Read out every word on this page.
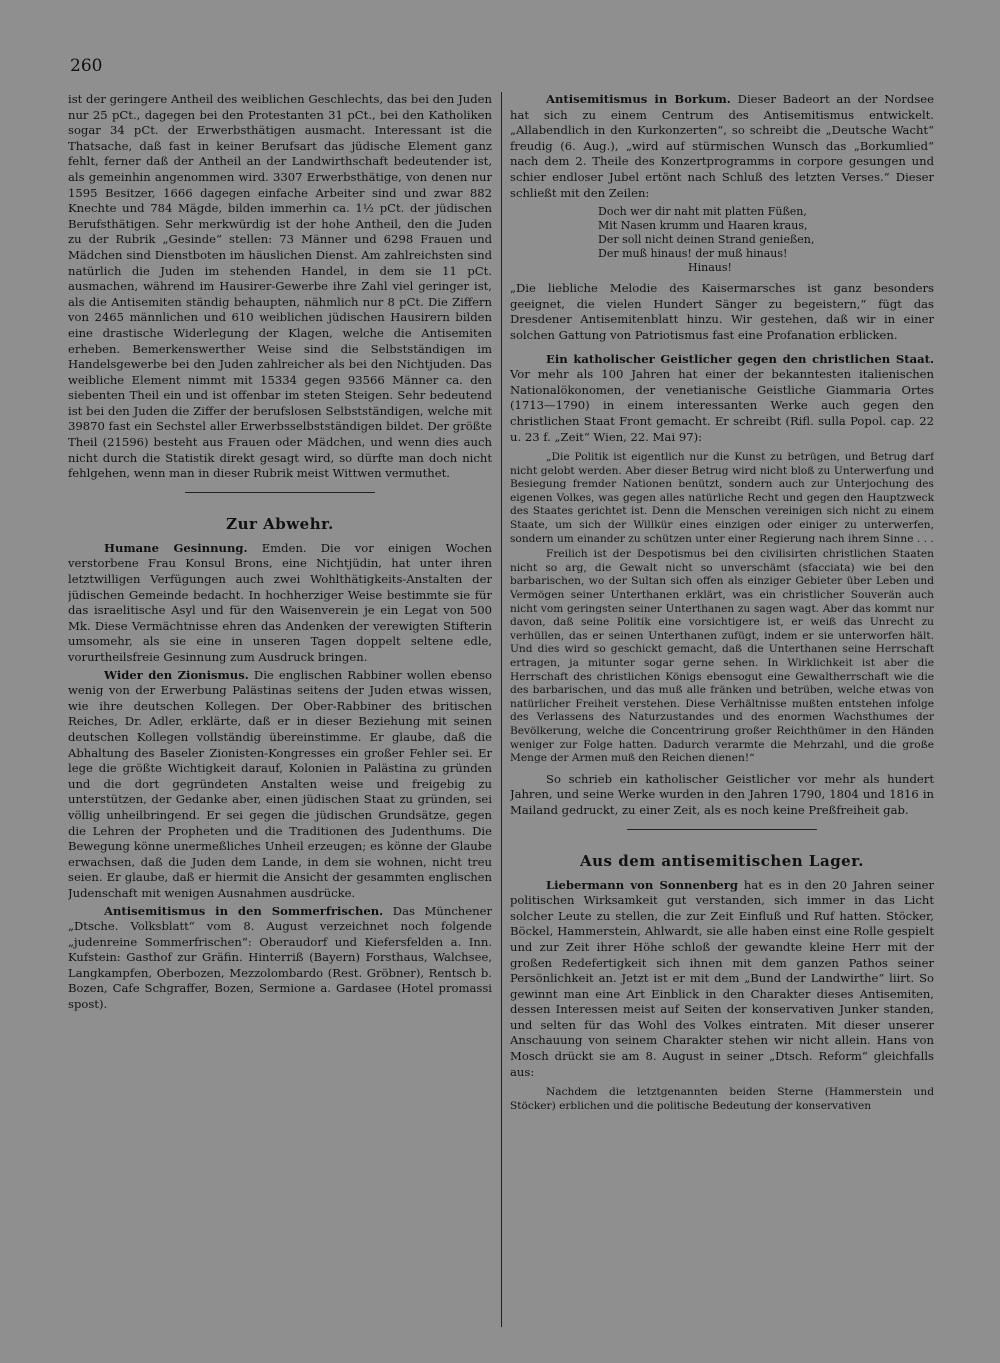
260

ist der geringere Antheil des weiblichen Geschlechts, das bei den Juden nur 25 pCt., dagegen bei den Protestanten 31 pCt., bei den Katholiken sogar 34 pCt. der Erwerbsthätigen ausmacht. Interessant ist die Thatsache, daß fast in keiner Berufsart das jüdische Element ganz fehlt, ferner daß der Antheil an der Landwirthschaft bedeutender ist, als gemeinhin angenommen wird. 3307 Erwerbsthätige, von denen nur 1595 Besitzer, 1666 dagegen einfache Arbeiter sind und zwar 882 Knechte und 784 Mägde, bilden immerhin ca. 1½ pCt. der jüdischen Berufsthätigen. Sehr merkwürdig ist der hohe Antheil, den die Juden zu der Rubrik „Gesinde“ stellen: 73 Männer und 6298 Frauen und Mädchen sind Dienstboten im häuslichen Dienst. Am zahlreichsten sind natürlich die Juden im stehenden Handel, in dem sie 11 pCt. ausmachen, während im Hausirer-Gewerbe ihre Zahl viel geringer ist, als die Antisemiten ständig behaupten, nähmlich nur 8 pCt. Die Ziffern von 2465 männlichen und 610 weiblichen jüdischen Hausirern bilden eine drastische Widerlegung der Klagen, welche die Antisemiten erheben. Bemerkenswerther Weise sind die Selbstständigen im Handelsgewerbe bei den Juden zahlreicher als bei den Nichtjuden. Das weibliche Element nimmt mit 15334 gegen 93566 Männer ca. den siebenten Theil ein und ist offenbar im steten Steigen. Sehr bedeutend ist bei den Juden die Ziffer der berufslosen Selbstständigen, welche mit 39870 fast ein Sechstel aller Erwerbsselbstständigen bildet. Der größte Theil (21596) besteht aus Frauen oder Mädchen, und wenn dies auch nicht durch die Statistik direkt gesagt wird, so dürfte man doch nicht fehlgehen, wenn man in dieser Rubrik meist Wittwen vermuthet.

Zur Abwehr.

Humane Gesinnung. Emden. Die vor einigen Wochen verstorbene Frau Konsul Brons, eine Nichtjüdin, hat unter ihren letztwilligen Verfügungen auch zwei Wohlthätigkeits-Anstalten der jüdischen Gemeinde bedacht. In hochherziger Weise bestimmte sie für das israelitische Asyl und für den Waisenverein je ein Legat von 500 Mk. Diese Vermächtnisse ehren das Andenken der verewigten Stifterin umsomehr, als sie eine in unseren Tagen doppelt seltene edle, vorurtheilsfreie Gesinnung zum Ausdruck bringen.

Wider den Zionismus. Die englischen Rabbiner wollen ebenso wenig von der Erwerbung Palästinas seitens der Juden etwas wissen, wie ihre deutschen Kollegen. Der Ober-Rabbiner des britischen Reiches, Dr. Adler, erklärte, daß er in dieser Beziehung mit seinen deutschen Kollegen vollständig übereinstimme. Er glaube, daß die Abhaltung des Baseler Zionisten-Kongresses ein großer Fehler sei. Er lege die größte Wichtigkeit darauf, Kolonien in Palästina zu gründen und die dort gegründeten Anstalten weise und freigebig zu unterstützen, der Gedanke aber, einen jüdischen Staat zu gründen, sei völlig unheilbringend. Er sei gegen die jüdischen Grundsätze, gegen die Lehren der Propheten und die Traditionen des Judenthums. Die Bewegung könne unermeßliches Unheil erzeugen; es könne der Glaube erwachsen, daß die Juden dem Lande, in dem sie wohnen, nicht treu seien. Er glaube, daß er hiermit die Ansicht der gesammten englischen Judenschaft mit wenigen Ausnahmen ausdrücke.

Antisemitismus in den Sommerfrischen. Das Münchener „Dtsche. Volksblatt“ vom 8. August verzeichnet noch folgende „judenreine Sommerfrischen“: Oberaudorf und Kiefersfelden a. Inn. Kufstein: Gasthof zur Gräfin. Hinterriß (Bayern) Forsthaus, Walchsee, Langkampfen, Oberbozen, Mezzolombardo (Rest. Gröbner), Rentsch b. Bozen, Cafe Schgraffer, Bozen, Sermione a. Gardasee (Hotel promassi spost).

Antisemitismus in Borkum. Dieser Badeort an der Nordsee hat sich zu einem Centrum des Antisemitismus entwickelt. „Allabendlich in den Kurkonzerten“, so schreibt die „Deutsche Wacht“ freudig (6. Aug.), „wird auf stürmischen Wunsch das „Borkumlied“ nach dem 2. Theile des Konzertprogramms in corpore gesungen und schier endloser Jubel ertönt nach Schluß des letzten Verses.“ Dieser schließt mit den Zeilen:

Doch wer dir naht mit platten Füßen,
Mit Nasen krumm und Haaren kraus,
Der soll nicht deinen Strand genießen,
Der muß hinaus! der muß hinaus!
Hinaus!

„Die liebliche Melodie des Kaisermarsches ist ganz besonders geeignet, die vielen Hundert Sänger zu begeistern,“ fügt das Dresdener Antisemitenblatt hinzu. Wir gestehen, daß wir in einer solchen Gattung von Patriotismus fast eine Profanation erblicken.

Ein katholischer Geistlicher gegen den christlichen Staat. Vor mehr als 100 Jahren hat einer der bekanntesten italienischen Nationalökonomen, der venetianische Geistliche Giammaria Ortes (1713—1790) in einem interessanten Werke auch gegen den christlichen Staat Front gemacht. Er schreibt (Rifl. sulla Popol. cap. 22 u. 23 f. „Zeit“ Wien, 22. Mai 97):

„Die Politik ist eigentlich nur die Kunst zu betrügen, und Betrug darf nicht gelobt werden. Aber dieser Betrug wird nicht bloß zu Unterwerfung und Besiegung fremder Nationen benützt, sondern auch zur Unterjochung des eigenen Volkes, was gegen alles natürliche Recht und gegen den Hauptzweck des Staates gerichtet ist. Denn die Menschen vereinigen sich nicht zu einem Staate, um sich der Willkür eines einzigen oder einiger zu unterwerfen, sondern um einander zu schützen unter einer Regierung nach ihrem Sinne . . .

Freilich ist der Despotismus bei den civilisirten christlichen Staaten nicht so arg, die Gewalt nicht so unverschämt (sfacciata) wie bei den barbarischen, wo der Sultan sich offen als einziger Gebieter über Leben und Vermögen seiner Unterthanen erklärt, was ein christlicher Souverän auch nicht vom geringsten seiner Unterthanen zu sagen wagt. Aber das kommt nur davon, daß seine Politik eine vorsichtigere ist, er weiß das Unrecht zu verhüllen, das er seinen Unterthanen zufügt, indem er sie unterworfen hält. Und dies wird so geschickt gemacht, daß die Unterthanen seine Herrschaft ertragen, ja mitunter sogar gerne sehen. In Wirklichkeit ist aber die Herrschaft des christlichen Königs ebensogut eine Gewaltherrschaft wie die des barbarischen, und das muß alle fränken und betrüben, welche etwas von natürlicher Freiheit verstehen. Diese Verhältnisse mußten entstehen infolge des Verlassens des Naturzustandes und des enormen Wachsthumes der Bevölkerung, welche die Concentrirung großer Reichthümer in den Händen weniger zur Folge hatten. Dadurch verarmte die Mehrzahl, und die große Menge der Armen muß den Reichen dienen!“

So schrieb ein katholischer Geistlicher vor mehr als hundert Jahren, und seine Werke wurden in den Jahren 1790, 1804 und 1816 in Mailand gedruckt, zu einer Zeit, als es noch keine Preßfreiheit gab.

Aus dem antisemitischen Lager.

Liebermann von Sonnenberg hat es in den 20 Jahren seiner politischen Wirksamkeit gut verstanden, sich immer in das Licht solcher Leute zu stellen, die zur Zeit Einfluß und Ruf hatten. Stöcker, Böckel, Hammerstein, Ahlwardt, sie alle haben einst eine Rolle gespielt und zur Zeit ihrer Höhe schloß der gewandte kleine Herr mit der großen Redefertigkeit sich ihnen mit dem ganzen Pathos seiner Persönlichkeit an. Jetzt ist er mit dem „Bund der Landwirthe“ liirt. So gewinnt man eine Art Einblick in den Charakter dieses Antisemiten, dessen Interessen meist auf Seiten der konservativen Junker standen, und selten für das Wohl des Volkes eintraten. Mit dieser unserer Anschauung von seinem Charakter stehen wir nicht allein. Hans von Mosch drückt sie am 8. August in seiner „Dtsch. Reform“ gleichfalls aus:

Nachdem die letztgenannten beiden Sterne (Hammerstein und Stöcker) erblichen und die politische Bedeutung der konservativen
